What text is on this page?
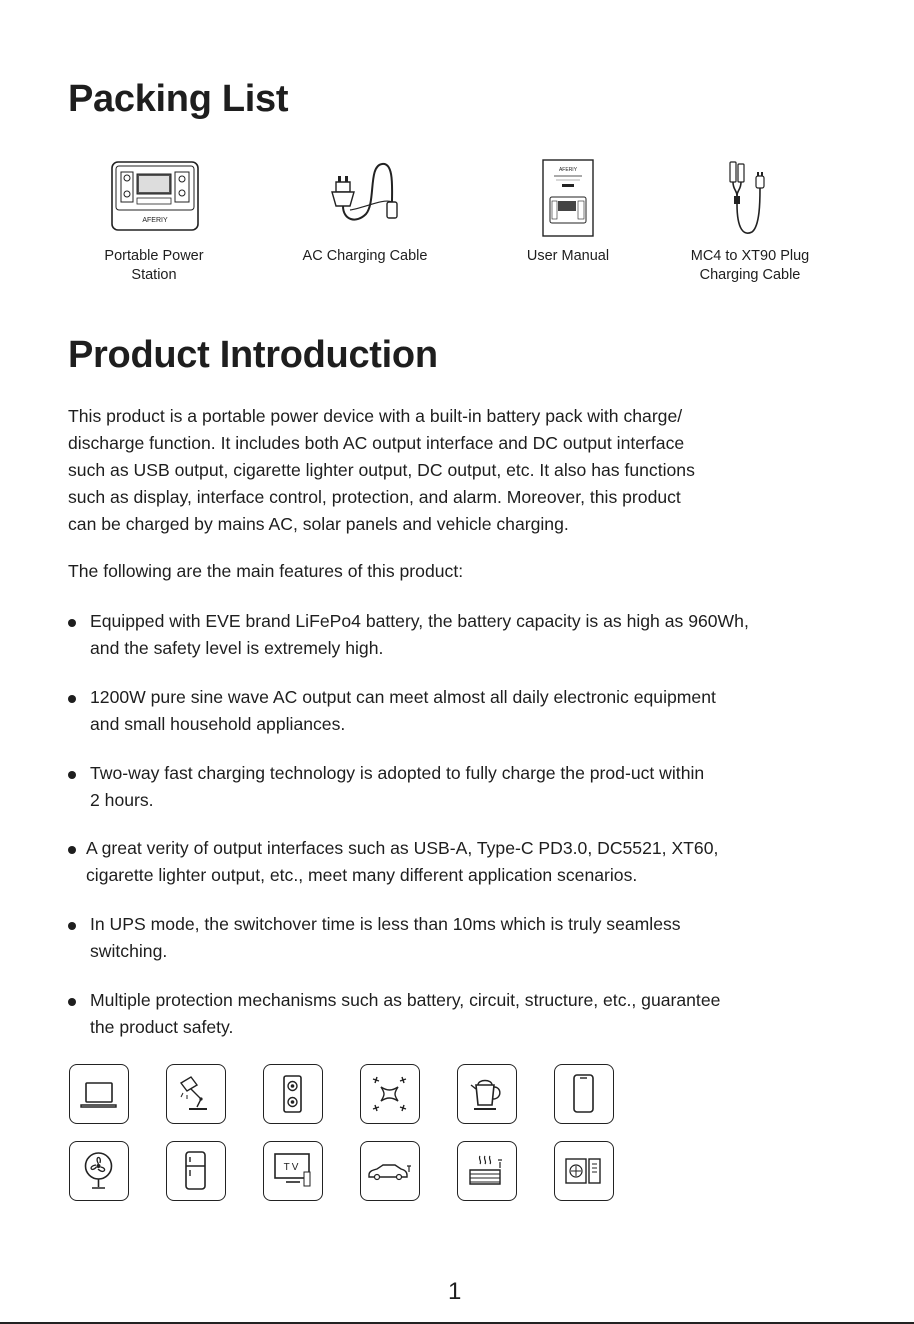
Packing List
AFERIY
Portable Power
Station
AC Charging Cable
AFERIY
User Manual	MC4 to XT90 Plug
Charging Cable
Product Introduction
This product is a portable power device with a built-in battery pack with charge/
discharge function. It includes both AC output interface and DC output interface
such as USB output, cigarette lighter output, DC output, etc. It also has functions
such as display, interface control, protection, and alarm. Moreover, this product
can be charged by mains AC, solar panels and vehicle charging.
The following are the main features of this product:
Equipped with EVE brand LiFePo4 battery, the battery capacity is as high as 960Wh,
and the safety level is extremely high.
1200W pure sine wave AC output can meet almost all daily electronic equipment
and small household appliances.
Two-way fast charging technology is adopted to fully charge the prod-uct within
2 hours.
A great verity of output interfaces such as USB-A, Type-C PD3.0, DC5521, XT60,
cigarette lighter output, etc., meet many different application scenarios.
In UPS mode, the switchover time is less than 10ms which is truly seamless
switching.
Multiple protection mechanisms such as battery, circuit, structure, etc., guarantee
the product safety.
TV
1
